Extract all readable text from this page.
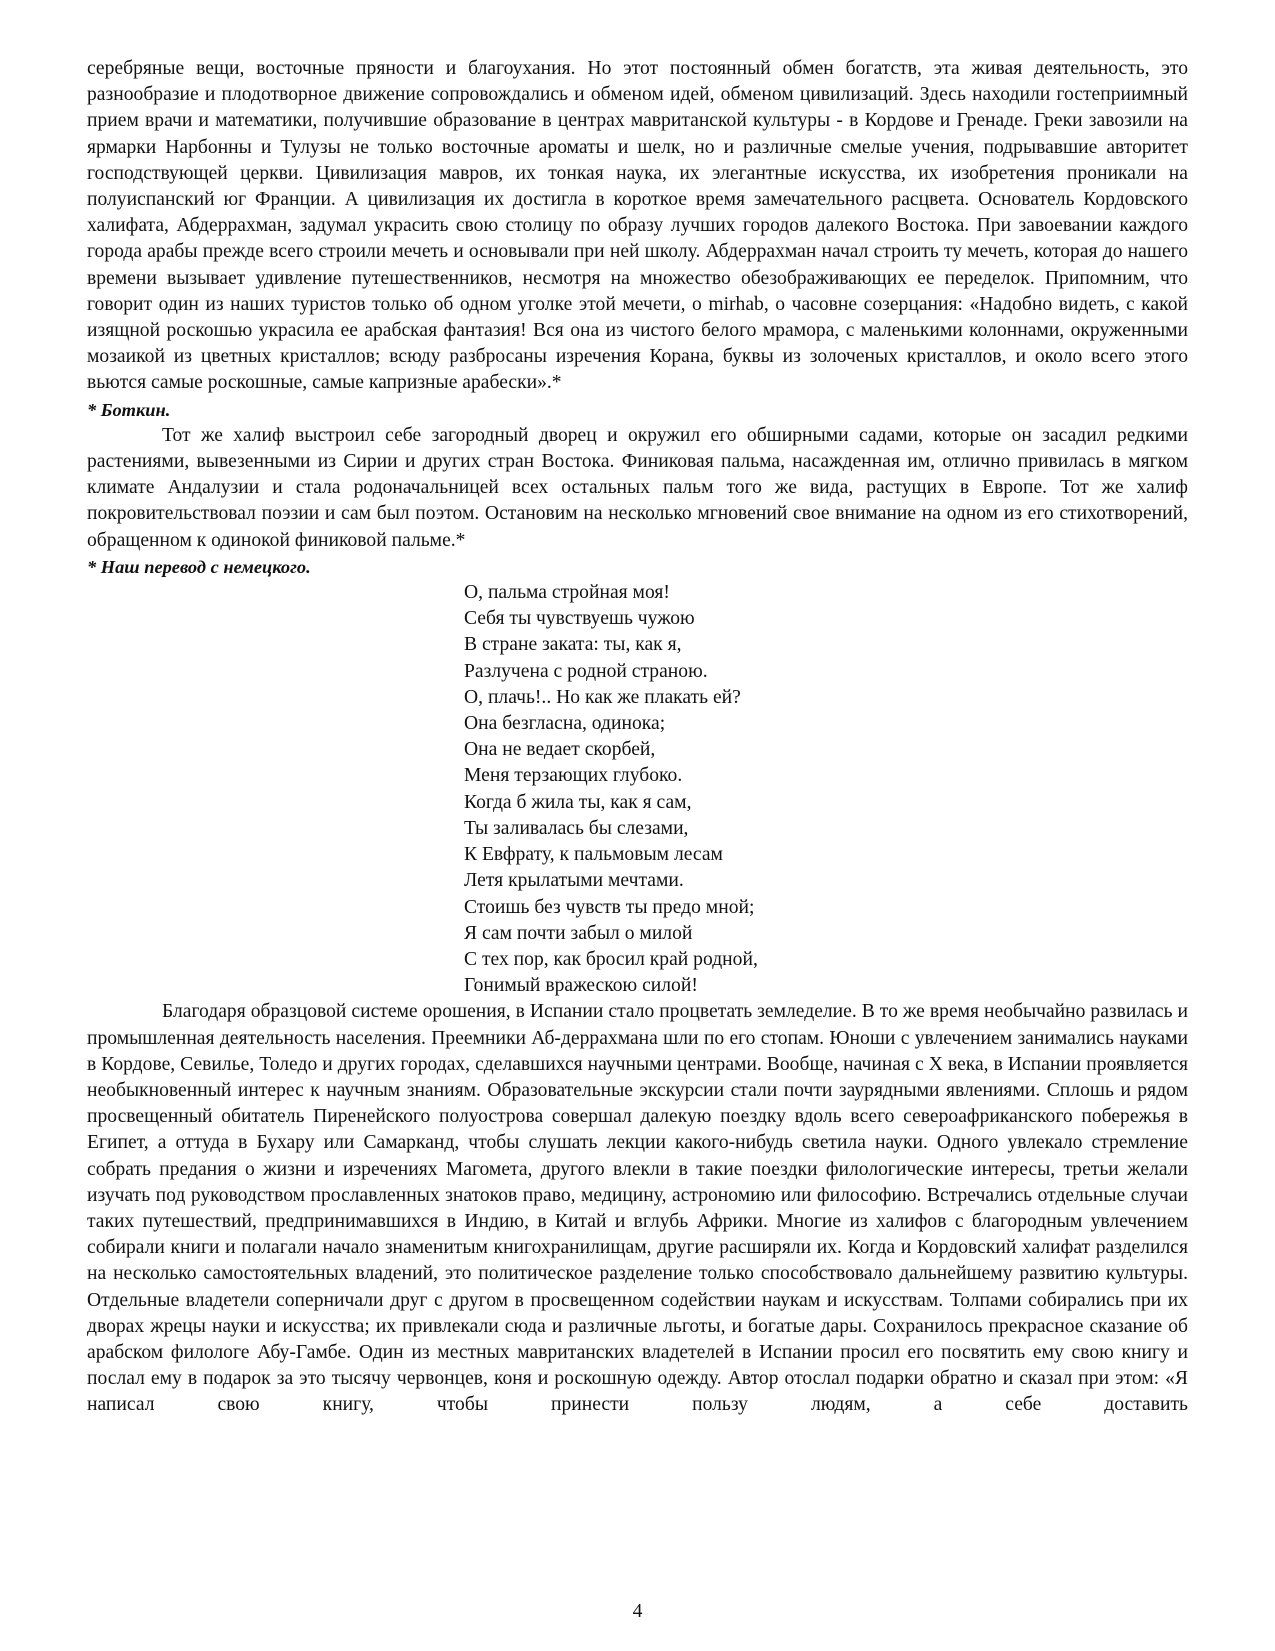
серебряные вещи, восточные пряности и благоухания. Но этот постоянный обмен богатств, эта живая деятельность, это разнообразие и плодотворное движение сопровождались и обменом идей, обменом цивилизаций. Здесь находили гостеприимный прием врачи и математики, получившие образование в центрах мавританской культуры - в Кордове и Гренаде. Греки завозили на ярмарки Нарбонны и Тулузы не только восточные ароматы и шелк, но и различные смелые учения, подрывавшие авторитет господствующей церкви. Цивилизация мавров, их тонкая наука, их элегантные искусства, их изобретения проникали на полуиспанский юг Франции. А цивилизация их достигла в короткое время замечательного расцвета. Основатель Кордовского халифата, Абдеррахман, задумал украсить свою столицу по образу лучших городов далекого Востока. При завоевании каждого города арабы прежде всего строили мечеть и основывали при ней школу. Абдеррахман начал строить ту мечеть, которая до нашего времени вызывает удивление путешественников, несмотря на множество обезображивающих ее переделок. Припомним, что говорит один из наших туристов только об одном уголке этой мечети, о mirhab, о часовне созерцания: «Надобно видеть, с какой изящной роскошью украсила ее арабская фантазия! Вся она из чистого белого мрамора, с маленькими колоннами, окруженными мозаикой из цветных кристаллов; всюду разбросаны изречения Корана, буквы из золоченых кристаллов, и около всего этого вьются самые роскошные, самые капризные арабески».*

* Боткин.

Тот же халиф выстроил себе загородный дворец и окружил его обширными садами, которые он засадил редкими растениями, вывезенными из Сирии и других стран Востока. Финиковая пальма, насажденная им, отлично привилась в мягком климате Андалузии и стала родоначальницей всех остальных пальм того же вида, растущих в Европе. Тот же халиф покровительствовал поэзии и сам был поэтом. Остановим на несколько мгновений свое внимание на одном из его стихотворений, обращенном к одинокой финиковой пальме.*

* Наш перевод с немецкого.

О, пальма стройная моя!
Себя ты чувствуешь чужою
В стране заката: ты, как я,
Разлучена с родной страною.
О, плачь!.. Но как же плакать ей?
Она безгласна, одинока;
Она не ведает скорбей,
Меня терзающих глубоко.
Когда б жила ты, как я сам,
Ты заливалась бы слезами,
К Евфрату, к пальмовым лесам
Летя крылатыми мечтами.
Стоишь без чувств ты предо мной;
Я сам почти забыл о милой
С тех пор, как бросил край родной,
Гонимый вражескою силой!

Благодаря образцовой системе орошения, в Испании стало процветать земледелие. В то же время необычайно развилась и промышленная деятельность населения. Преемники Аб-деррахмана шли по его стопам. Юноши с увлечением занимались науками в Кордове, Севилье, Толедо и других городах, сделавшихся научными центрами. Вообще, начиная с X века, в Испании проявляется необыкновенный интерес к научным знаниям. Образовательные экскурсии стали почти заурядными явлениями. Сплошь и рядом просвещенный обитатель Пиренейского полуострова совершал далекую поездку вдоль всего североафриканского побережья в Египет, а оттуда в Бухару или Самарканд, чтобы слушать лекции какого-нибудь светила науки. Одного увлекало стремление собрать предания о жизни и изречениях Магомета, другого влекли в такие поездки филологические интересы, третьи желали изучать под руководством прославленных знатоков право, медицину, астрономию или философию. Встречались отдельные случаи таких путешествий, предпринимавшихся в Индию, в Китай и вглубь Африки. Многие из халифов с благородным увлечением собирали книги и полагали начало знаменитым книгохранилищам, другие расширяли их. Когда и Кордовский халифат разделился на несколько самостоятельных владений, это политическое разделение только способствовало дальнейшему развитию культуры. Отдельные владетели соперничали друг с другом в просвещенном содействии наукам и искусствам. Толпами собирались при их дворах жрецы науки и искусства; их привлекали сюда и различные льготы, и богатые дары. Сохранилось прекрасное сказание об арабском филологе Абу-Гамбе. Один из местных мавританских владетелей в Испании просил его посвятить ему свою книгу и послал ему в подарок за это тысячу червонцев, коня и роскошную одежду. Автор отослал подарки обратно и сказал при этом: «Я написал свою книгу, чтобы принести пользу людям, а себе доставить

4
